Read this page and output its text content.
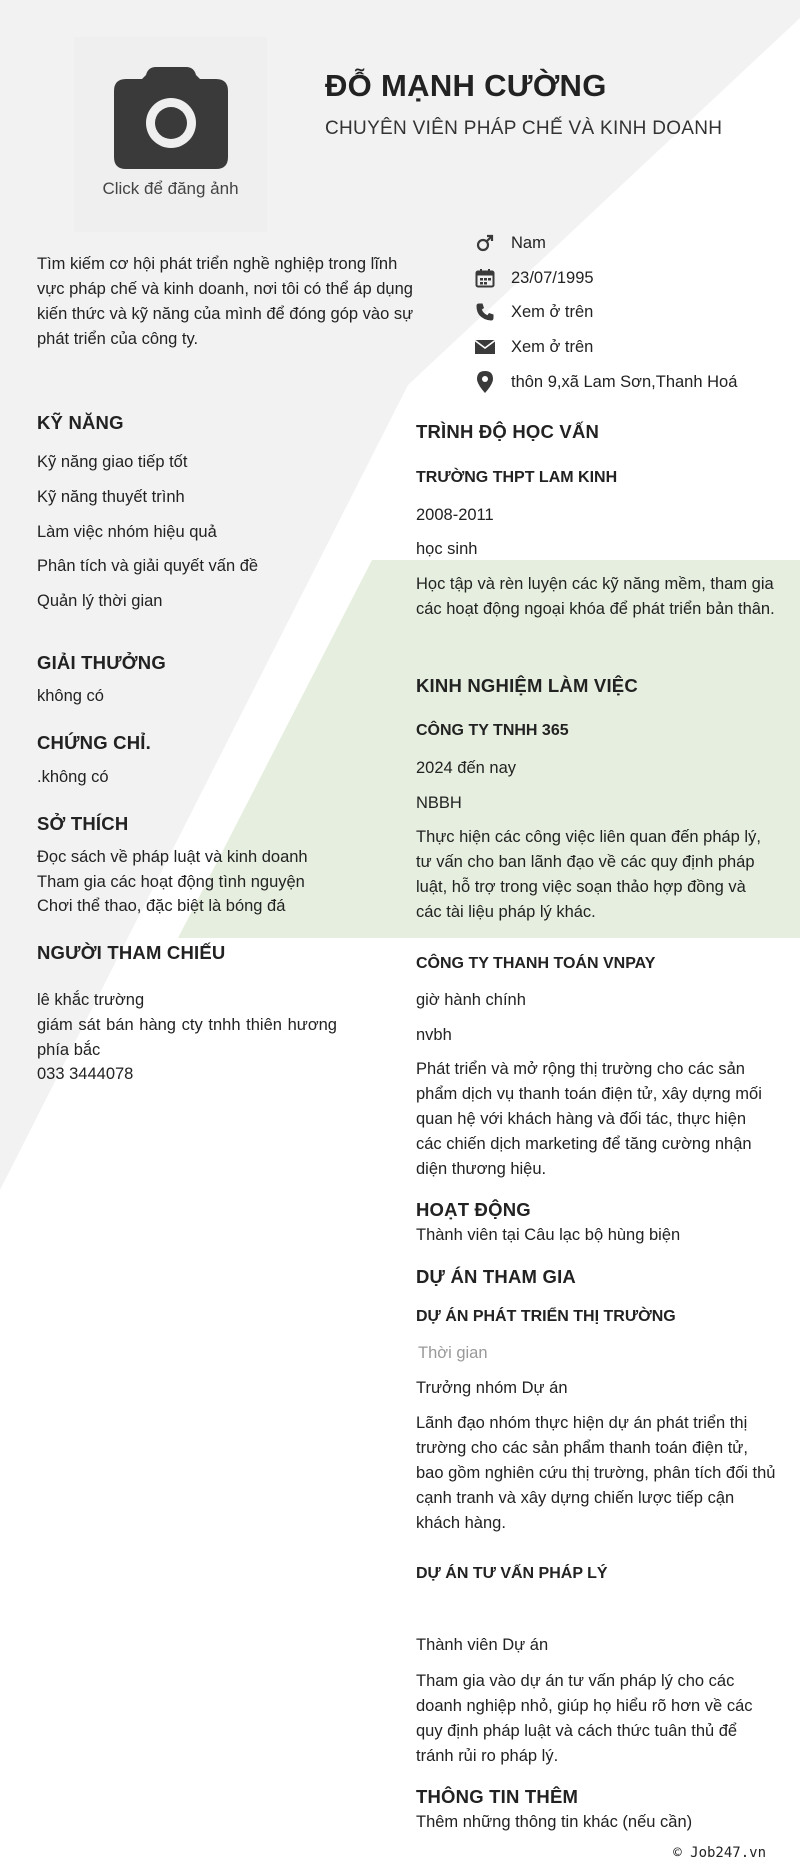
Click để đăng ảnh
ĐỖ MẠNH CƯỜNG
CHUYÊN VIÊN PHÁP CHẾ VÀ KINH DOANH
Tìm kiếm cơ hội phát triển nghề nghiệp trong lĩnh vực pháp chế và kinh doanh, nơi tôi có thể áp dụng kiến thức và kỹ năng của mình để đóng góp vào sự phát triển của công ty.
Nam
23/07/1995
Xem ở trên
Xem ở trên
thôn 9,xã Lam Sơn,Thanh Hoá
KỸ NĂNG
Kỹ năng giao tiếp tốt
Kỹ năng thuyết trình
Làm việc nhóm hiệu quả
Phân tích và giải quyết vấn đề
Quản lý thời gian
GIẢI THƯỞNG
không có
CHỨNG CHỈ.
.không có
SỞ THÍCH
Đọc sách về pháp luật và kinh doanh
Tham gia các hoạt động tình nguyện
Chơi thể thao, đặc biệt là bóng đá
NGƯỜI THAM CHIẾU
lê khắc trường
giám sát bán hàng cty tnhh thiên hương phía bắc
033 3444078
TRÌNH ĐỘ HỌC VẤN
TRƯỜNG THPT LAM KINH
2008-2011
học sinh
Học tập và rèn luyện các kỹ năng mềm, tham gia các hoạt động ngoại khóa để phát triển bản thân.
KINH NGHIỆM LÀM VIỆC
CÔNG TY TNHH 365
2024 đến nay
NBBH
Thực hiện các công việc liên quan đến pháp lý, tư vấn cho ban lãnh đạo về các quy định pháp luật, hỗ trợ trong việc soạn thảo hợp đồng và các tài liệu pháp lý khác.
CÔNG TY THANH TOÁN VNPAY
giờ hành chính
nvbh
Phát triển và mở rộng thị trường cho các sản phẩm dịch vụ thanh toán điện tử, xây dựng mối quan hệ với khách hàng và đối tác, thực hiện các chiến dịch marketing để tăng cường nhận diện thương hiệu.
HOẠT ĐỘNG
Thành viên tại Câu lạc bộ hùng biện
DỰ ÁN THAM GIA
DỰ ÁN PHÁT TRIỂN THỊ TRƯỜNG
Thời gian
Trưởng nhóm Dự án
Lãnh đạo nhóm thực hiện dự án phát triển thị trường cho các sản phẩm thanh toán điện tử, bao gồm nghiên cứu thị trường, phân tích đối thủ cạnh tranh và xây dựng chiến lược tiếp cận khách hàng.
DỰ ÁN TƯ VẤN PHÁP LÝ
Thành viên Dự án
Tham gia vào dự án tư vấn pháp lý cho các doanh nghiệp nhỏ, giúp họ hiểu rõ hơn về các quy định pháp luật và cách thức tuân thủ để tránh rủi ro pháp lý.
THÔNG TIN THÊM
Thêm những thông tin khác (nếu cần)
© Job247.vn
